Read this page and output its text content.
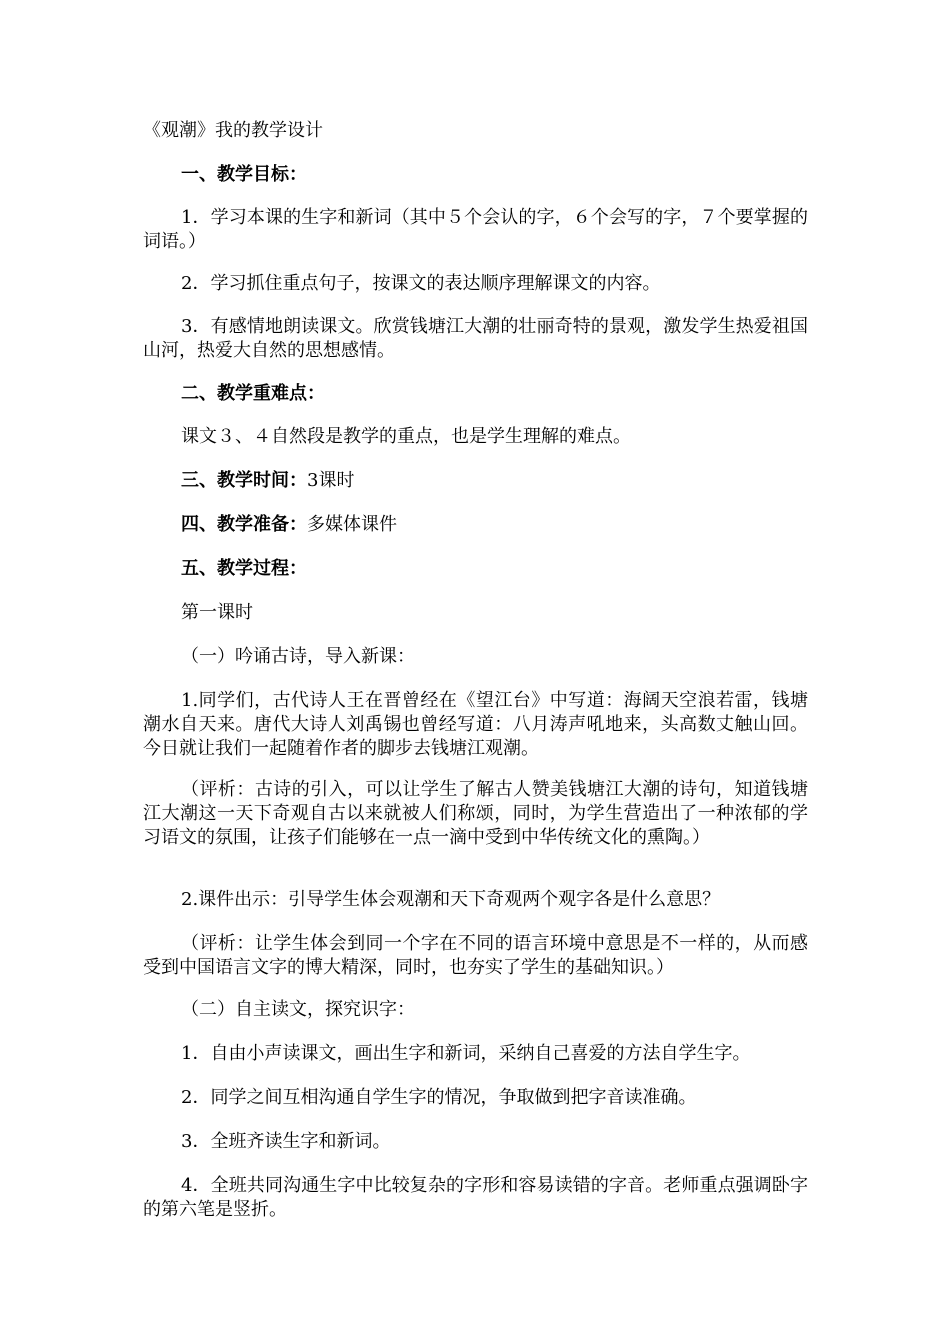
《观潮》我的教学设计
一、教学目标：
1．学习本课的生字和新词（其中５个会认的字，６个会写的字，７个要掌握的词语。）
2．学习抓住重点句子，按课文的表达顺序理解课文的内容。
3．有感情地朗读课文。欣赏钱塘江大潮的壮丽奇特的景观，激发学生热爱祖国山河，热爱大自然的思想感情。
二、教学重难点：
课文３、４自然段是教学的重点，也是学生理解的难点。
三、教学时间：3课时
四、教学准备：多媒体课件
五、教学过程：
第一课时
（一）吟诵古诗，导入新课：
1.同学们，古代诗人王在晋曾经在《望江台》中写道：海阔天空浪若雷，钱塘潮水自天来。唐代大诗人刘禹锡也曾经写道：八月涛声吼地来，头高数丈触山回。今日就让我们一起随着作者的脚步去钱塘江观潮。
（评析：古诗的引入，可以让学生了解古人赞美钱塘江大潮的诗句，知道钱塘江大潮这一天下奇观自古以来就被人们称颂，同时，为学生营造出了一种浓郁的学习语文的氛围，让孩子们能够在一点一滴中受到中华传统文化的熏陶。）
2.课件出示：引导学生体会观潮和天下奇观两个观字各是什么意思？
（评析：让学生体会到同一个字在不同的语言环境中意思是不一样的，从而感受到中国语言文字的博大精深，同时，也夯实了学生的基础知识。）
（二）自主读文，探究识字：
1．自由小声读课文，画出生字和新词，采纳自己喜爱的方法自学生字。
2．同学之间互相沟通自学生字的情况，争取做到把字音读准确。
3．全班齐读生字和新词。
4．全班共同沟通生字中比较复杂的字形和容易读错的字音。老师重点强调卧字的第六笔是竖折。
